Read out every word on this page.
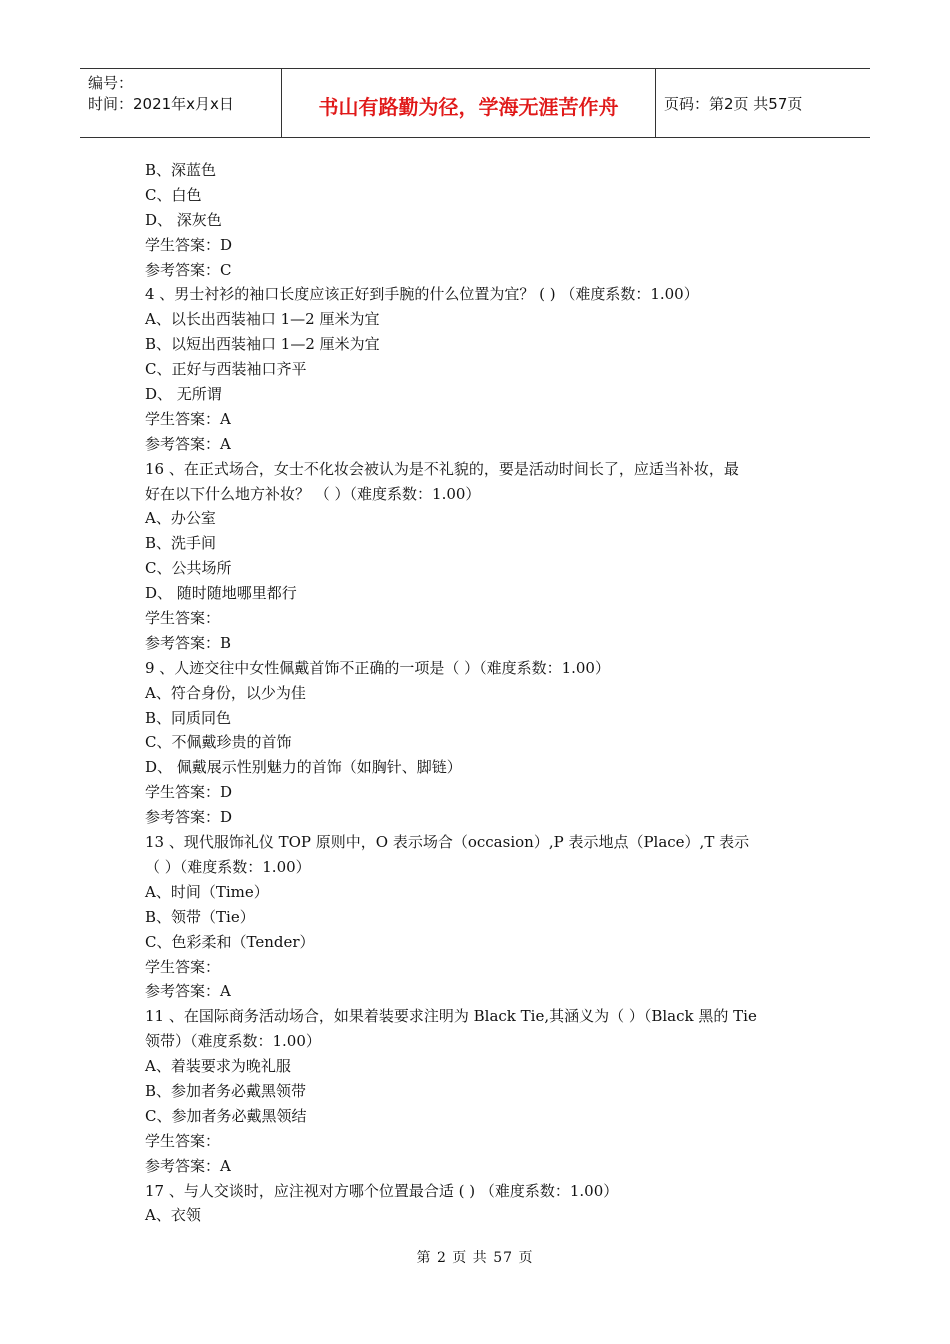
编号：
时间：2021年x月x日	书山有路勤为径，学海无涯苦作舟	页码：第2页 共57页
B、深蓝色
C、白色
D、 深灰色
学生答案：D
参考答案：C
4 、男士衬衫的袖口长度应该正好到手腕的什么位置为宜？ ( ) （难度系数：1.00）
A、以长出西装袖口 1—2 厘米为宜
B、以短出西装袖口 1—2 厘米为宜
C、正好与西装袖口齐平
D、 无所谓
学生答案：A
参考答案：A
16 、在正式场合，女士不化妆会被认为是不礼貌的，要是活动时间长了，应适当补妆，最
好在以下什么地方补妆？ （ ）（难度系数：1.00）
A、办公室
B、洗手间
C、公共场所
D、 随时随地哪里都行
学生答案：
参考答案：B
9 、人迹交往中女性佩戴首饰不正确的一项是（ ）（难度系数：1.00）
A、符合身份，以少为佳
B、同质同色
C、不佩戴珍贵的首饰
D、 佩戴展示性别魅力的首饰（如胸针、脚链）
学生答案：D
参考答案：D
13 、现代服饰礼仪 TOP 原则中，O 表示场合（occasion）,P 表示地点（Place）,T 表示
（ ）（难度系数：1.00）
A、时间（Time）
B、领带（Tie）
C、色彩柔和（Tender）
学生答案：
参考答案：A
11 、在国际商务活动场合，如果着装要求注明为 Black Tie,其涵义为（ ）（Black 黑的 Tie
领带）（难度系数：1.00）
A、着装要求为晚礼服
B、参加者务必戴黑领带
C、参加者务必戴黑领结
学生答案：
参考答案：A
17 、与人交谈时，应注视对方哪个位置最合适 ( ) （难度系数：1.00）
A、衣领
第 2 页 共 57 页
